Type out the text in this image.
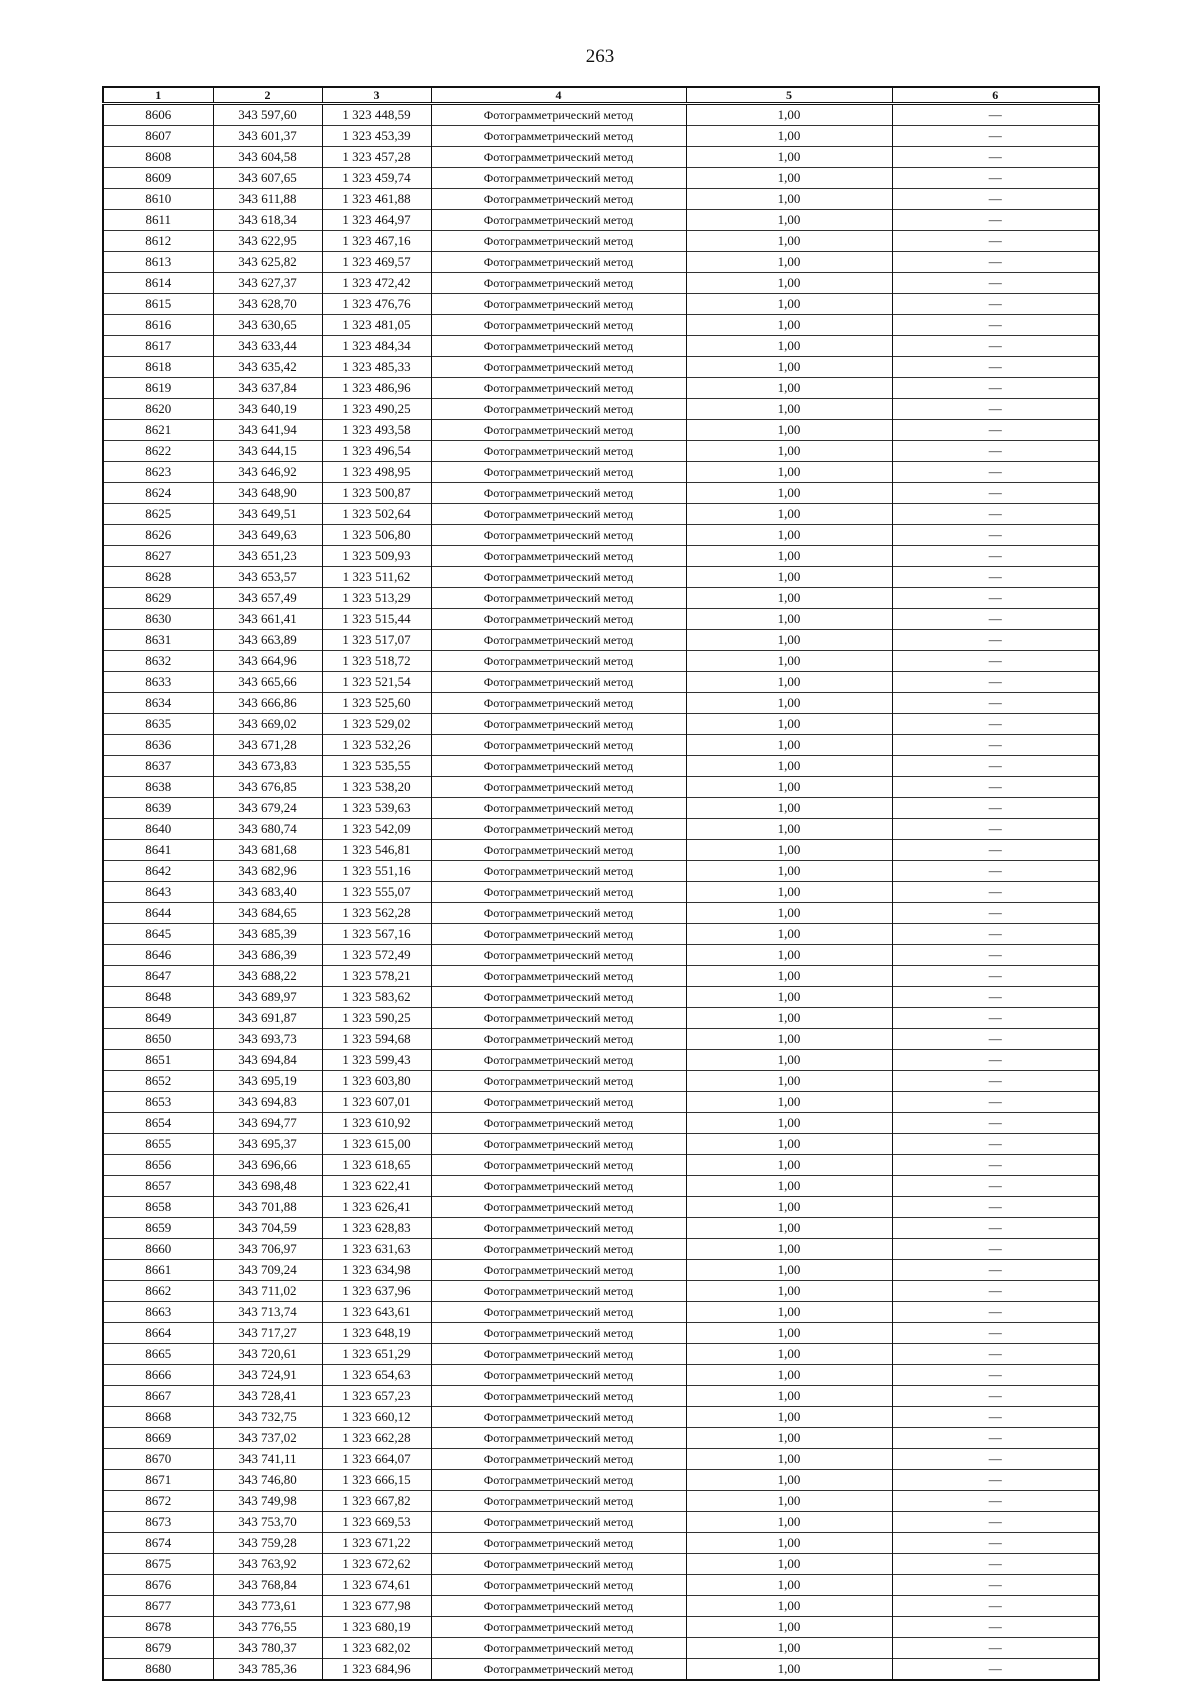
263
1	2	3	4	5	6
8606	343 597,60	1 323 448,59	Фотограмметрический метод	1,00	—
8607	343 601,37	1 323 453,39	Фотограмметрический метод	1,00	—
8608	343 604,58	1 323 457,28	Фотограмметрический метод	1,00	—
8609	343 607,65	1 323 459,74	Фотограмметрический метод	1,00	—
8610	343 611,88	1 323 461,88	Фотограмметрический метод	1,00	—
8611	343 618,34	1 323 464,97	Фотограмметрический метод	1,00	—
8612	343 622,95	1 323 467,16	Фотограмметрический метод	1,00	—
8613	343 625,82	1 323 469,57	Фотограмметрический метод	1,00	—
8614	343 627,37	1 323 472,42	Фотограмметрический метод	1,00	—
8615	343 628,70	1 323 476,76	Фотограмметрический метод	1,00	—
8616	343 630,65	1 323 481,05	Фотограмметрический метод	1,00	—
8617	343 633,44	1 323 484,34	Фотограмметрический метод	1,00	—
8618	343 635,42	1 323 485,33	Фотограмметрический метод	1,00	—
8619	343 637,84	1 323 486,96	Фотограмметрический метод	1,00	—
8620	343 640,19	1 323 490,25	Фотограмметрический метод	1,00	—
8621	343 641,94	1 323 493,58	Фотограмметрический метод	1,00	—
8622	343 644,15	1 323 496,54	Фотограмметрический метод	1,00	—
8623	343 646,92	1 323 498,95	Фотограмметрический метод	1,00	—
8624	343 648,90	1 323 500,87	Фотограмметрический метод	1,00	—
8625	343 649,51	1 323 502,64	Фотограмметрический метод	1,00	—
8626	343 649,63	1 323 506,80	Фотограмметрический метод	1,00	—
8627	343 651,23	1 323 509,93	Фотограмметрический метод	1,00	—
8628	343 653,57	1 323 511,62	Фотограмметрический метод	1,00	—
8629	343 657,49	1 323 513,29	Фотограмметрический метод	1,00	—
8630	343 661,41	1 323 515,44	Фотограмметрический метод	1,00	—
8631	343 663,89	1 323 517,07	Фотограмметрический метод	1,00	—
8632	343 664,96	1 323 518,72	Фотограмметрический метод	1,00	—
8633	343 665,66	1 323 521,54	Фотограмметрический метод	1,00	—
8634	343 666,86	1 323 525,60	Фотограмметрический метод	1,00	—
8635	343 669,02	1 323 529,02	Фотограмметрический метод	1,00	—
8636	343 671,28	1 323 532,26	Фотограмметрический метод	1,00	—
8637	343 673,83	1 323 535,55	Фотограмметрический метод	1,00	—
8638	343 676,85	1 323 538,20	Фотограмметрический метод	1,00	—
8639	343 679,24	1 323 539,63	Фотограмметрический метод	1,00	—
8640	343 680,74	1 323 542,09	Фотограмметрический метод	1,00	—
8641	343 681,68	1 323 546,81	Фотограмметрический метод	1,00	—
8642	343 682,96	1 323 551,16	Фотограмметрический метод	1,00	—
8643	343 683,40	1 323 555,07	Фотограмметрический метод	1,00	—
8644	343 684,65	1 323 562,28	Фотограмметрический метод	1,00	—
8645	343 685,39	1 323 567,16	Фотограмметрический метод	1,00	—
8646	343 686,39	1 323 572,49	Фотограмметрический метод	1,00	—
8647	343 688,22	1 323 578,21	Фотограмметрический метод	1,00	—
8648	343 689,97	1 323 583,62	Фотограмметрический метод	1,00	—
8649	343 691,87	1 323 590,25	Фотограмметрический метод	1,00	—
8650	343 693,73	1 323 594,68	Фотограмметрический метод	1,00	—
8651	343 694,84	1 323 599,43	Фотограмметрический метод	1,00	—
8652	343 695,19	1 323 603,80	Фотограмметрический метод	1,00	—
8653	343 694,83	1 323 607,01	Фотограмметрический метод	1,00	—
8654	343 694,77	1 323 610,92	Фотограмметрический метод	1,00	—
8655	343 695,37	1 323 615,00	Фотограмметрический метод	1,00	—
8656	343 696,66	1 323 618,65	Фотограмметрический метод	1,00	—
8657	343 698,48	1 323 622,41	Фотограмметрический метод	1,00	—
8658	343 701,88	1 323 626,41	Фотограмметрический метод	1,00	—
8659	343 704,59	1 323 628,83	Фотограмметрический метод	1,00	—
8660	343 706,97	1 323 631,63	Фотограмметрический метод	1,00	—
8661	343 709,24	1 323 634,98	Фотограмметрический метод	1,00	—
8662	343 711,02	1 323 637,96	Фотограмметрический метод	1,00	—
8663	343 713,74	1 323 643,61	Фотограмметрический метод	1,00	—
8664	343 717,27	1 323 648,19	Фотограмметрический метод	1,00	—
8665	343 720,61	1 323 651,29	Фотограмметрический метод	1,00	—
8666	343 724,91	1 323 654,63	Фотограмметрический метод	1,00	—
8667	343 728,41	1 323 657,23	Фотограмметрический метод	1,00	—
8668	343 732,75	1 323 660,12	Фотограмметрический метод	1,00	—
8669	343 737,02	1 323 662,28	Фотограмметрический метод	1,00	—
8670	343 741,11	1 323 664,07	Фотограмметрический метод	1,00	—
8671	343 746,80	1 323 666,15	Фотограмметрический метод	1,00	—
8672	343 749,98	1 323 667,82	Фотограмметрический метод	1,00	—
8673	343 753,70	1 323 669,53	Фотограмметрический метод	1,00	—
8674	343 759,28	1 323 671,22	Фотограмметрический метод	1,00	—
8675	343 763,92	1 323 672,62	Фотограмметрический метод	1,00	—
8676	343 768,84	1 323 674,61	Фотограмметрический метод	1,00	—
8677	343 773,61	1 323 677,98	Фотограмметрический метод	1,00	—
8678	343 776,55	1 323 680,19	Фотограмметрический метод	1,00	—
8679	343 780,37	1 323 682,02	Фотограмметрический метод	1,00	—
8680	343 785,36	1 323 684,96	Фотограмметрический метод	1,00	—
